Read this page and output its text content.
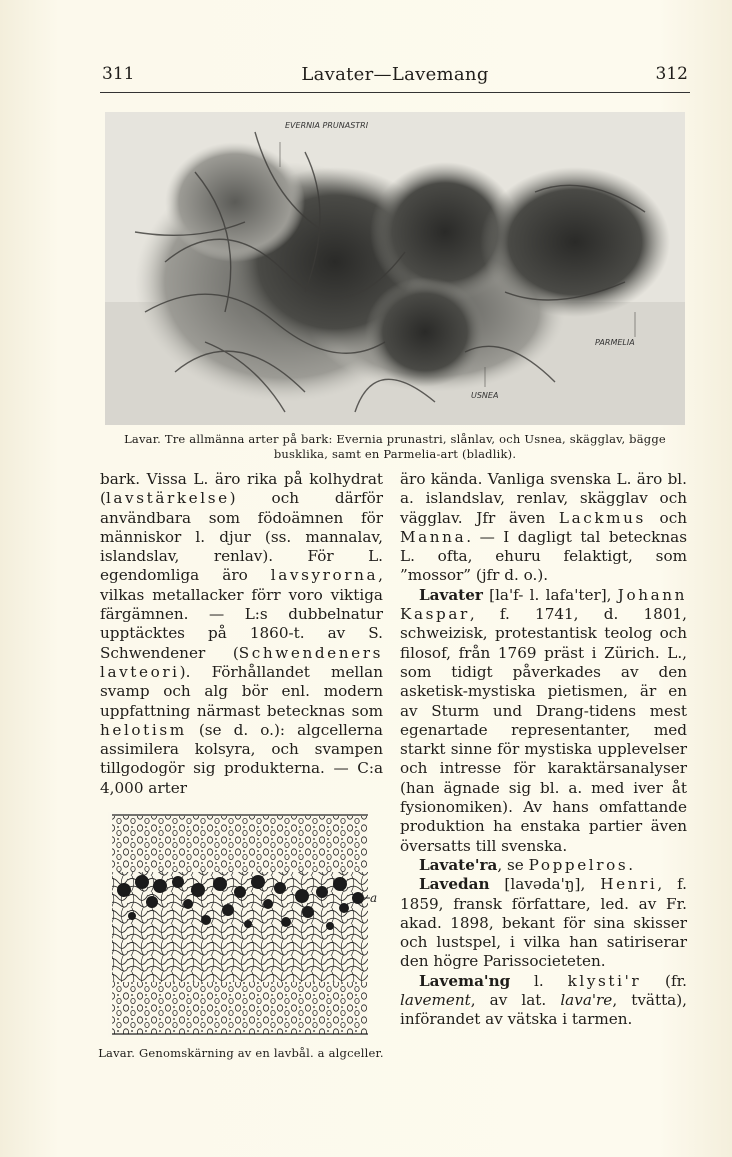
311	Lavater—Lavemang	312
EVERNIA PRUNASTRI
PARMELIA
USNEA
Lavar. Tre allmänna arter på bark: Evernia prunastri, slånlav, och Usnea, skägglav, bägge busklika, samt en Parmelia-art (bladlik).

bark. Vissa L. äro rika på kolhydrat (lavstärkelse) och därför användbara som födoämnen för människor l. djur (ss. mannalav, islandslav, renlav). För L. egendomliga äro lavsyrorna, vilkas metallacker förr voro viktiga färgämnen. — L:s dubbelnatur upptäcktes på 1860-t. av S. Schwendener (Schwendeners lavteori). Förhållandet mellan svamp och alg bör enl. modern uppfattning närmast betecknas som helotism (se d. o.): algcellerna assimilera kolsyra, och svampen tillgodogör sig produkterna. — C:a 4,000 arter

a
Lavar. Genomskärning av en lavbål. a algceller.

äro kända. Vanliga svenska L. äro bl. a. islandslav, renlav, skägglav och vägglav. Jfr även Lackmus och Manna. — I dagligt tal betecknas L. ofta, ehuru felaktigt, som ”mossor” (jfr d. o.).

Lavater [la'f- l. lafa'ter], Johann Kaspar, f. 1741, d. 1801, schweizisk, protestantisk teolog och filosof, från 1769 präst i Zürich. L., som tidigt påverkades av den asketisk-mystiska pietismen, är en av Sturm und Drang-tidens mest egenartade representanter, med starkt sinne för mystiska upplevelser och intresse för karaktärsanalyser (han ägnade sig bl. a. med iver åt fysionomiken). Av hans omfattande produktion ha enstaka partier även översatts till svenska.

Lavate'ra, se Poppelros.

Lavedan [lavəda'ŋ], Henri, f. 1859, fransk författare, led. av Fr. akad. 1898, bekant för sina skisser och lustspel, i vilka han satiriserar den högre Parissocieteten.

Lavema'ng l. klysti'r (fr. lavement, av lat. lava're, tvätta), införandet av vätska i tarmen.
